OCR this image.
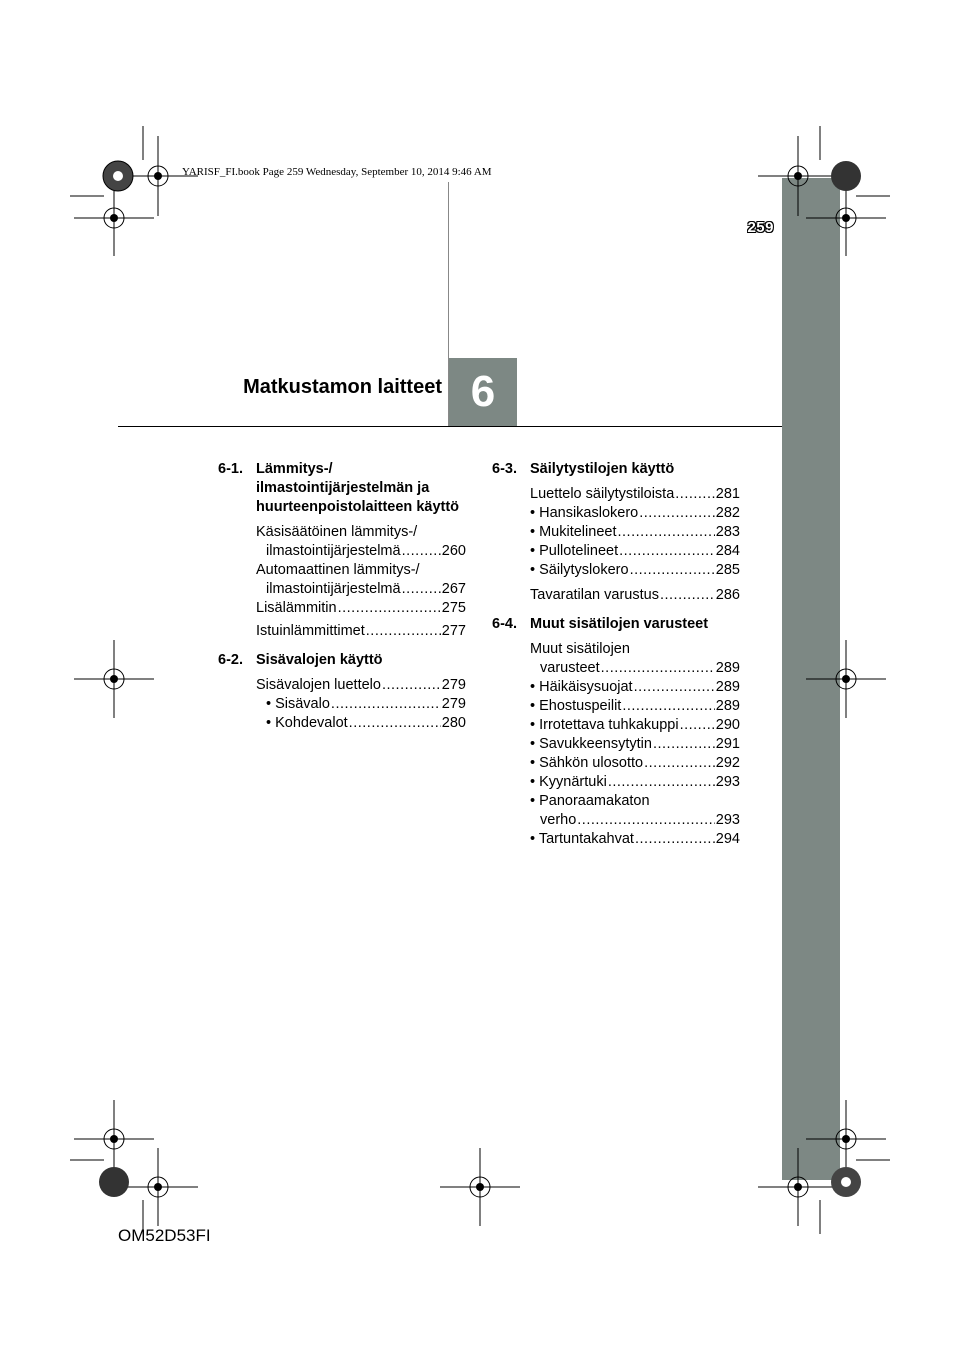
YARISF_FI.book Page 259 Wednesday, September 10, 2014 9:46 AM
259
Matkustamon laitteet 6
6-1. Lämmitys-/ ilmastointijärjestelmän ja huurteenpoistolaitteen käyttö
Käsisäätöinen lämmitys-/
ilmastointijärjestelmä .....	260
Automaattinen lämmitys-/
ilmastointijärjestelmä .....	267
Lisälämmitin .....	275
Istuinlämmittimet .....	277
6-2. Sisävalojen käyttö
Sisävalojen luettelo .....	279
• Sisävalo .....	279
• Kohdevalot .....	280
6-3. Säilytystilojen käyttö
Luettelo säilytystiloista .....	281
• Hansikaslokero .....	282
• Mukitelineet .....	283
• Pullotelineet .....	284
• Säilytyslokero .....	285
Tavaratilan varustus .....	286
6-4. Muut sisätilojen varusteet
Muut sisätilojen
varusteet .....	289
• Häikäisysuojat .....	289
• Ehostuspeilit .....	289
• Irrotettava tuhkakuppi .....	290
• Savukkeensytytin .....	291
• Sähkön ulosotto .....	292
• Kyynärtuki .....	293
• Panoraamakaton
verho .....	293
• Tartuntakahvat .....	294
OM52D53FI
